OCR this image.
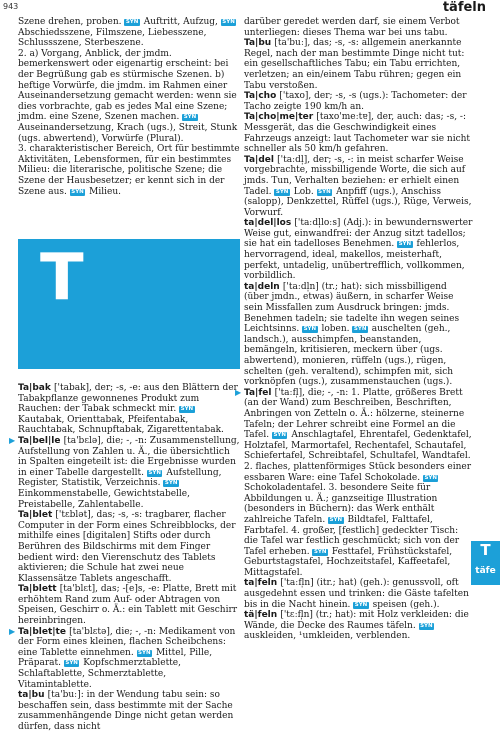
943	täfeln

Szene drehen, proben. SYN Auftritt, Aufzug, SYN Abschiedsszene, Filmszene, Liebesszene, Schlussszene, Sterbeszene.

2. a) Vorgang, Anblick, der jmdm. bemerkenswert oder eigenartig erscheint: bei der Begrüßung gab es stürmische Szenen. b) heftige Vorwürfe, die jmdm. im Rahmen einer Auseinandersetzung gemacht werden: wenn sie dies vorbrachte, gab es jedes Mal eine Szene; jmdm. eine Szene, Szenen machen. SYN Auseinandersetzung, Krach (ugs.), Streit, Stunk (ugs. abwertend), Vorwürfe (Plural).

3. charakteristischer Bereich, Ort für bestimmte Aktivitäten, Lebensformen, für ein bestimmtes Milieu: die literarische, politische Szene; die Szene der Hausbesetzer; er kennt sich in der Szene aus. SYN Milieu.

T

Ta|bak ['tabak], der; -s, -e: aus den Blättern der Tabakpflanze gewonnenes Produkt zum Rauchen: der Tabak schmeckt mir. SYN Kautabak, Orienttabak, Pfeifentabak, Rauchtabak, Schnupftabak, Zigarettentabak.

▶ Ta|bel|le [ta'bɛlə], die; -, -n: Zusammenstellung, Aufstellung von Zahlen u. Ä., die übersichtlich in Spalten eingeteilt ist: die Ergebnisse wurden in einer Tabelle dargestellt. SYN Aufstellung, Register, Statistik, Verzeichnis. SYN Einkommenstabelle, Gewichtstabelle, Preistabelle, Zahlentabelle.

Ta|blet ['tɛblət], das; -s, -s: tragbarer, flacher Computer in der Form eines Schreibblocks, der mithilfe eines [digitalen] Stifts oder durch Berühren des Bildschirms mit dem Finger bedient wird: den Vierenschutz des Tablets aktivieren; die Schule hat zwei neue Klassensätze Tablets angeschafft.

Ta|blett [ta'blɛt], das; -[e]s, -e: Platte, Brett mit erhöhtem Rand zum Auf- oder Abtragen von Speisen, Geschirr o. Ä.: ein Tablett mit Geschirr hereinbringen.

▶ Ta|blet|te [ta'blɛtə], die; -, -n: Medikament von der Form eines kleinen, flachen Scheibchens: eine Tablette einnehmen. SYN Mittel, Pille, Präparat. SYN Kopfschmerztablette, Schlaftablette, Schmerztablette, Vitamintablette.

ta|bu [ta'buː]: in der Wendung tabu sein: so beschaffen sein, dass bestimmte mit der Sache zusammenhängende Dinge nicht getan werden dürfen, dass nicht

darüber geredet werden darf, sie einem Verbot unterliegen: dieses Thema war bei uns tabu.

Ta|bu [ta'buː], das; -s, -s: allgemein anerkannte Regel, nach der man bestimmte Dinge nicht tut: ein gesellschaftliches Tabu; ein Tabu errichten, verletzen; an ein/einem Tabu rühren; gegen ein Tabu verstoßen.

Ta|cho ['taxo], der; -s, -s (ugs.): Tachometer: der Tacho zeigte 190 km/h an.

Ta|cho|me|ter [taxo'meːtɐ], der, auch: das; -s, -: Messgerät, das die Geschwindigkeit eines Fahrzeugs anzeigt: laut Tachometer war sie nicht schneller als 50 km/h gefahren.

Ta|del ['taːdl̩], der; -s, -: in meist scharfer Weise vorgebrachte, missbilligende Worte, die sich auf jmds. Tun, Verhalten beziehen: er erhielt einen Tadel. SYN Lob. SYN Anpfiff (ugs.), Anschiss (salopp), Denkzettel, Rüffel (ugs.), Rüge, Verweis, Vorwurf.

ta|del|los ['taːdl̩loːs] (Adj.): in bewundernswerter Weise gut, einwandfrei: der Anzug sitzt tadellos; sie hat ein tadelloses Benehmen. SYN fehlerlos, hervorragend, ideal, makellos, meisterhaft, perfekt, untadelig, unübertrefflich, vollkommen, vorbildlich.

ta|deln ['taːdl̩n] (tr.; hat): sich missbilligend (über jmdn., etwas) äußern, in scharfer Weise sein Missfallen zum Ausdruck bringen: jmds. Benehmen tadeln; sie tadelte ihn wegen seines Leichtsinns. SYN loben. SYN auschelten (geh., landsch.), ausschimpfen, beanstanden, bemängeln, kritisieren, meckern über (ugs. abwertend), monieren, rüffeln (ugs.), rügen, schelten (geh. veraltend), schimpfen mit, sich vorknöpfen (ugs.), zusammenstauchen (ugs.).

▶ Ta|fel ['taːfl̩], die; -, -n: 1. Platte, größeres Brett (an der Wand) zum Beschreiben, Beschriften, Anbringen von Zetteln o. Ä.: hölzerne, steinerne Tafeln; der Lehrer schreibt eine Formel an die Tafel. SYN Anschlagtafel, Ehrentafel, Gedenktafel, Holztafel, Marmortafel, Rechentafel, Schautafel, Schiefertafel, Schreibtafel, Schultafel, Wandtafel. 2. flaches, plattenförmiges Stück besonders einer essbaren Ware: eine Tafel Schokolade. SYN Schokoladentafel. 3. besondere Seite für Abbildungen u. Ä.; ganzseitige Illustration (besonders in Büchern): das Werk enthält zahlreiche Tafeln. SYN Bildtafel, Falttafel, Farbtafel. 4. großer, [festlich] gedeckter Tisch: die Tafel war festlich geschmückt; sich von der Tafel erheben. SYN Festtafel, Frühstückstafel, Geburtstagstafel, Hochzeitstafel, Kaffeetafel, Mittagstafel.

ta|feln ['taːfl̩n] (itr.; hat) (geh.): genussvoll, oft ausgedehnt essen und trinken: die Gäste tafelten bis in die Nacht hinein. SYN speisen (geh.).

tä|feln ['tɛːfl̩n] (tr.; hat): mit Holz verkleiden: die Wände, die Decke des Raumes täfeln. SYN auskleiden, ¹umkleiden, verblenden.

T
täfe
